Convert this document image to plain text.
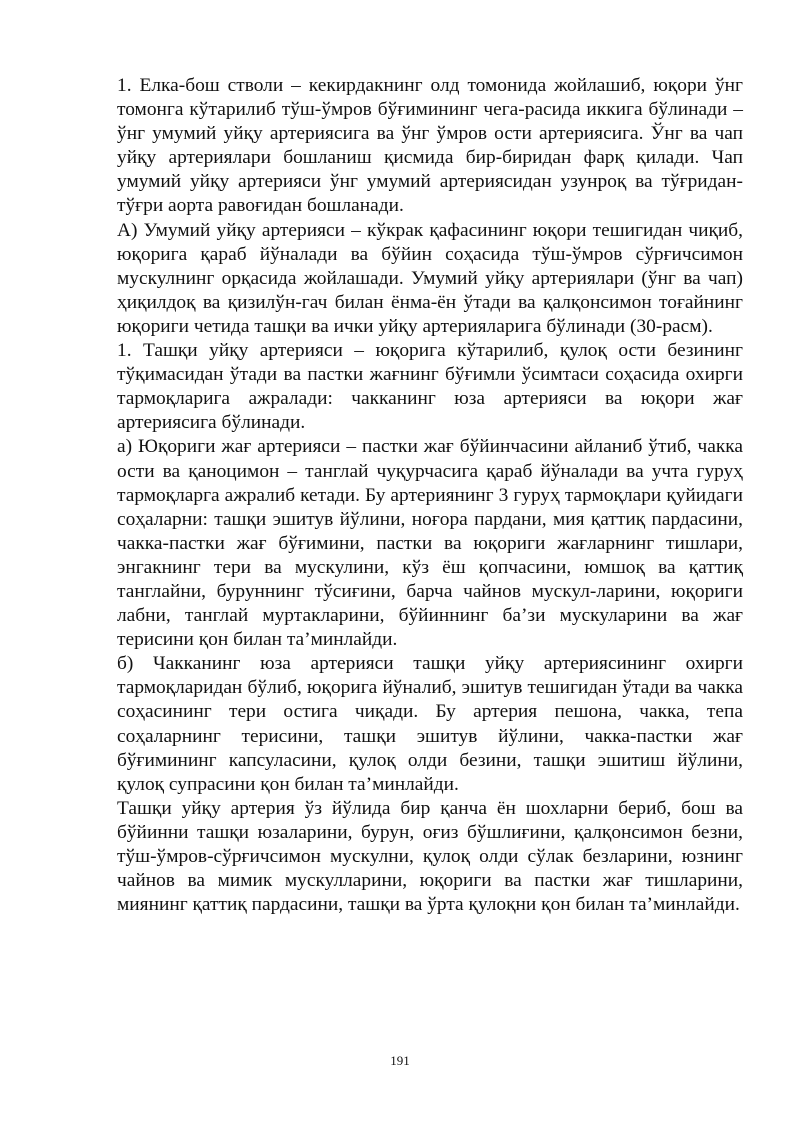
1. Елка-бош стволи – кекирдакнинг олд томонида жойлашиб, юқори ўнг томонга кўтарилиб тўш-ўмров бўғимининг чега-расида иккига бўлинади – ўнг умумий уйқу артериясига ва ўнг ўмров ости артериясига. Ўнг ва чап уйқу артериялари бошланиш қисмида бир-биридан фарқ қилади. Чап умумий уйқу артерияси ўнг умумий артериясидан узунроқ ва тўғридан-тўғри аорта равоғидан бошланади.

А) Умумий уйқу артерияси – кўкрак қафасининг юқори тешигидан чиқиб, юқорига қараб йўналади ва бўйин соҳасида тўш-ўмров сўрғичсимон мускулнинг орқасида жойлашади. Умумий уйқу артериялари (ўнг ва чап) ҳиқилдоқ ва қизилўн-гач билан ёнма-ён ўтади ва қалқонсимон тоғайнинг юқориги четида ташқи ва ички уйқу артерияларига бўлинади (30-расм).

1. Ташқи уйқу артерияси – юқорига кўтарилиб, қулоқ ости безининг тўқимасидан ўтади ва пастки жағнинг бўғимли ўсимтаси соҳасида охирги тармоқларига ажралади: чакканинг юза артерияси ва юқори жағ артериясига бўлинади.

а) Юқориги жағ артерияси – пастки жағ бўйинчасини айланиб ўтиб, чакка ости ва қаноцимон – танглай чуқурчасига қараб йўналади ва учта гуруҳ тармоқларга ажралиб кетади. Бу артериянинг 3 гуруҳ тармоқлари қуйидаги соҳаларни: ташқи эшитув йўлини, ноғора пардани, мия қаттиқ пардасини, чакка-пастки жағ бўғимини, пастки ва юқориги жағларнинг тишлари, энгакнинг тери ва мускулини, кўз ёш қопчасини, юмшоқ ва қаттиқ танглайни, буруннинг тўсиғини, барча чайнов мускул-ларини, юқориги лабни, танглай муртакларини, бўйиннинг баʼзи мускуларини ва жағ терисини қон билан таʼминлайди.

б) Чакканинг юза артерияси ташқи уйқу артериясининг охирги тармоқларидан бўлиб, юқорига йўналиб, эшитув тешигидан ўтади ва чакка соҳасининг тери остига чиқади. Бу артерия пешона, чакка, тепа соҳаларнинг терисини, ташқи эшитув йўлини, чакка-пастки жағ бўғимининг капсуласини, қулоқ олди безини, ташқи эшитиш йўлини, қулоқ супрасини қон билан таʼминлайди.

Ташқи уйқу артерия ўз йўлида бир қанча ён шохларни бериб, бош ва бўйинни ташқи юзаларини, бурун, оғиз бўшлиғини, қалқонсимон безни, тўш-ўмров-сўрғичсимон мускулни, қулоқ олди сўлак безларини, юзнинг чайнов ва мимик мускулларини, юқориги ва пастки жағ тишларини, миянинг қаттиқ пардасини, ташқи ва ўрта қулоқни қон билан таʼминлайди.

191
